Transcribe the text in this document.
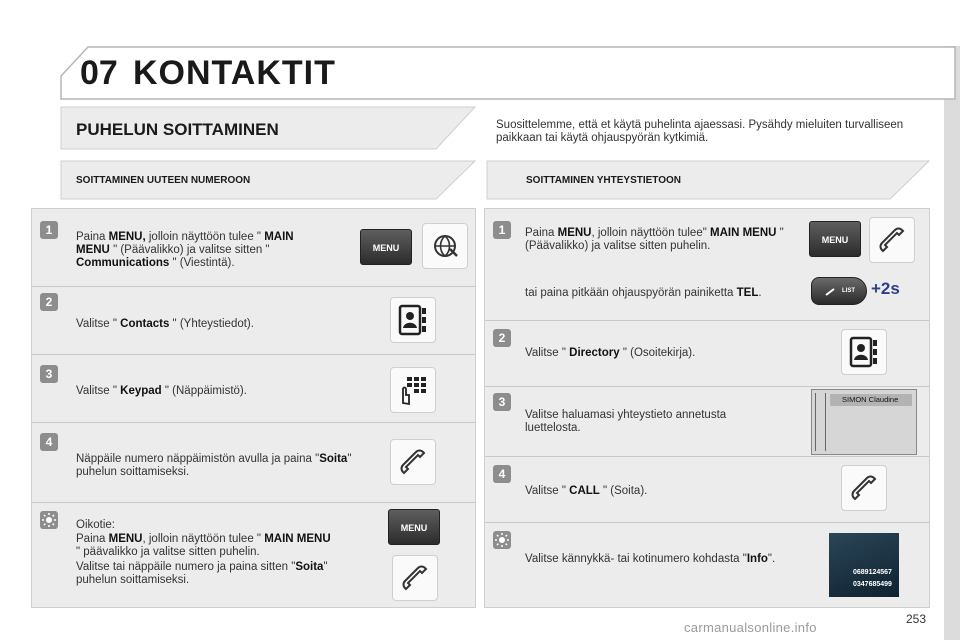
07 KONTAKTIT
PUHELUN SOITTAMINEN	Suosittelemme, että et käytä puhelinta ajaessasi. Pysähdy mieluiten turvalliseen paikkaan tai käytä ohjauspyörän kytkimiä.
SOITTAMINEN UUTEEN NUMEROON	SOITTAMINEN YHTEYSTIETOON
1	Paina MENU, jolloin näyttöön tulee " MAIN MENU " (Päävalikko) ja valitse sitten " Communications " (Viestintä).
MENU
2
Valitse " Contacts " (Yhteystiedot).
3
Valitse " Keypad " (Näppäimistö).
4
Näppäile numero näppäimistön avulla ja paina "Soita" puhelun soittamiseksi.
Oikotie:
Paina MENU, jolloin näyttöön tulee " MAIN MENU " päävalikko ja valitse sitten puhelin.
Valitse tai näppäile numero ja paina sitten "Soita" puhelun soittamiseksi.
MENU
1	Paina MENU, jolloin näyttöön tulee" MAIN MENU " (Päävalikko) ja valitse sitten puhelin.
tai paina pitkään ohjauspyörän painiketta TEL.
MENU
LIST +2s
2
Valitse " Directory " (Osoitekirja).
3
Valitse haluamasi yhteystieto annetusta luettelosta.
SIMON Claudine
4
Valitse " CALL " (Soita).
Valitse kännykkä- tai kotinumero kohdasta "Info".
0689124567
0347685499
253
carmanualsonline.info
